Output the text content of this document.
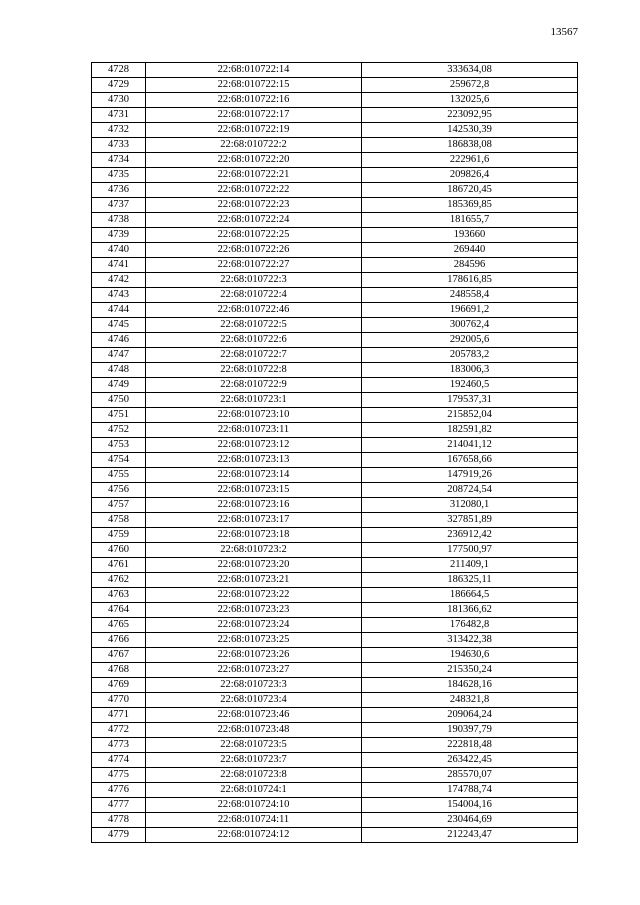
13567
4728	22:68:010722:14	333634,08
4729	22:68:010722:15	259672,8
4730	22:68:010722:16	132025,6
4731	22:68:010722:17	223092,95
4732	22:68:010722:19	142530,39
4733	22:68:010722:2	186838,08
4734	22:68:010722:20	222961,6
4735	22:68:010722:21	209826,4
4736	22:68:010722:22	186720,45
4737	22:68:010722:23	185369,85
4738	22:68:010722:24	181655,7
4739	22:68:010722:25	193660
4740	22:68:010722:26	269440
4741	22:68:010722:27	284596
4742	22:68:010722:3	178616,85
4743	22:68:010722:4	248558,4
4744	22:68:010722:46	196691,2
4745	22:68:010722:5	300762,4
4746	22:68:010722:6	292005,6
4747	22:68:010722:7	205783,2
4748	22:68:010722:8	183006,3
4749	22:68:010722:9	192460,5
4750	22:68:010723:1	179537,31
4751	22:68:010723:10	215852,04
4752	22:68:010723:11	182591,82
4753	22:68:010723:12	214041,12
4754	22:68:010723:13	167658,66
4755	22:68:010723:14	147919,26
4756	22:68:010723:15	208724,54
4757	22:68:010723:16	312080,1
4758	22:68:010723:17	327851,89
4759	22:68:010723:18	236912,42
4760	22:68:010723:2	177500,97
4761	22:68:010723:20	211409,1
4762	22:68:010723:21	186325,11
4763	22:68:010723:22	186664,5
4764	22:68:010723:23	181366,62
4765	22:68:010723:24	176482,8
4766	22:68:010723:25	313422,38
4767	22:68:010723:26	194630,6
4768	22:68:010723:27	215350,24
4769	22:68:010723:3	184628,16
4770	22:68:010723:4	248321,8
4771	22:68:010723:46	209064,24
4772	22:68:010723:48	190397,79
4773	22:68:010723:5	222818,48
4774	22:68:010723:7	263422,45
4775	22:68:010723:8	285570,07
4776	22:68:010724:1	174788,74
4777	22:68:010724:10	154004,16
4778	22:68:010724:11	230464,69
4779	22:68:010724:12	212243,47
